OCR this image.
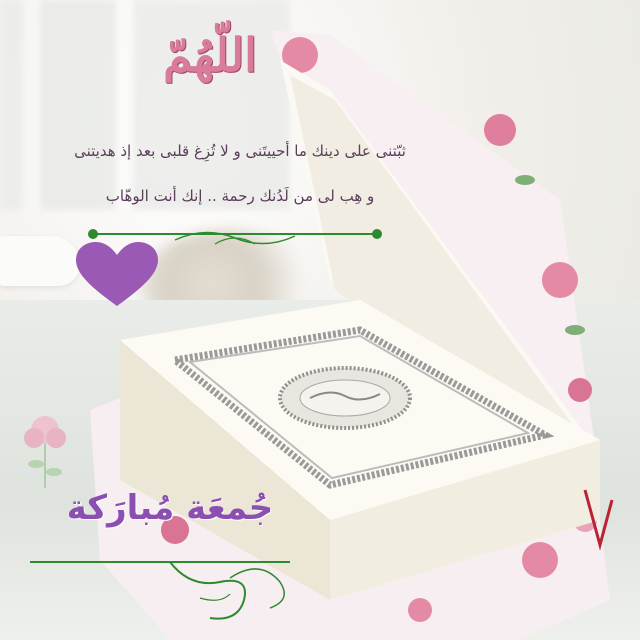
اللّهُمّ
ثبّتنى على دينك ما أحييتَنى و لا تُزِغ قلبى بعد إذ هديتنى
و هِب لى من لَدُنك رحمة .. إنك أنت الوهّاب
جُمعَة مُبارَكة
